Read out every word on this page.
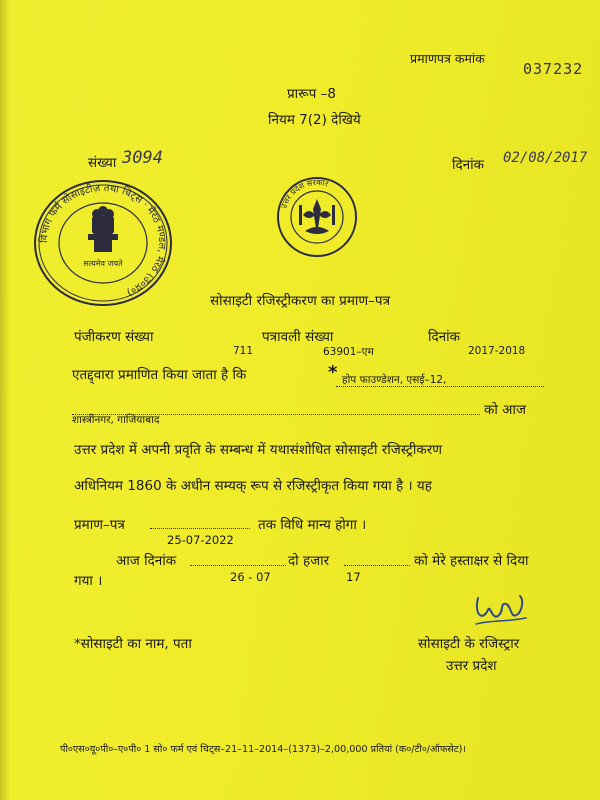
प्रमाणपत्र कमांक
037232
प्रारूप –8
नियम 7(2) देखिये
संख्या 3094	दिनांक 02/08/2017
विभाग फर्म सोसाइटीज़ तथा चिट्स · मेरठ मण्डल, मेरठ (उ०प्र०)
सत्यमेव जयते
उत्तर प्रदेश सरकार
सोसाइटी रजिस्ट्रीकरण का प्रमाण–पत्र
पंजीकरण संख्या	पत्रावली संख्या	दिनांक
711	63901–एम	2017-2018
एतद्द्वारा प्रमाणित किया जाता है कि	* होप फाउण्डेशन, एसई–12,
शास्त्रीनगर, गाजियाबाद
को आज
उत्तर प्रदेश में अपनी प्रवृति के सम्बन्ध में यथासंशोधित सोसाइटी रजिस्ट्रीकरण
अधिनियम 1860 के अधीन सम्यक् रूप से रजिस्ट्रीकृत किया गया है । यह
प्रमाण–पत्र	तक विधि मान्य होगा ।
25-07-2022
आज दिनांक	दो हजार	को मेरे हस्ताक्षर से दिया
गया ।	26 - 07	17
*सोसाइटी का नाम, पता	सोसाइटी के रजिस्ट्रार
उत्तर प्रदेश
पी०एस०यू०पी०–ए०पी० 1 सो० फर्म एवं चिट्स–21–11–2014–(1373)–2,00,000 प्रतियां (क०/टी०/ऑफसेट)।
